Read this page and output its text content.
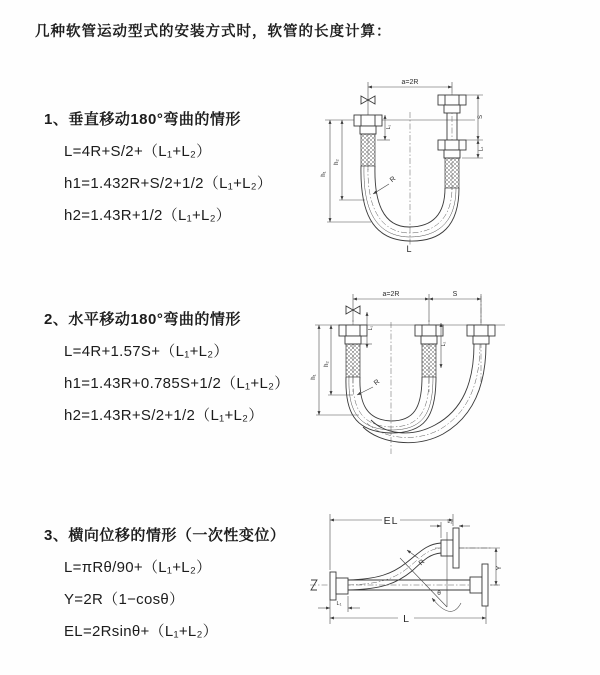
几种软管运动型式的安装方式时，软管的长度计算：
1、垂直移动180°弯曲的情形
L=4R+S/2+（L₁+L₂）
h1=1.432R+S/2+1/2（L₁+L₂）
h2=1.43R+1/2（L₁+L₂）
a=2R
h₁
h₂
L₁
S
L₂
R
L
2、水平移动180°弯曲的情形
L=4R+1.57S+（L₁+L₂）
h1=1.43R+0.785S+1/2（L₁+L₂）
h2=1.43R+S/2+1/2（L₁+L₂）
a=2R	S
h₁
h₂
L₁
L₂
R
3、横向位移的情形（一次性变位）
L=πRθ/90+（L₁+L₂）
Y=2R（1−cosθ）
EL=2Rsinθ+（L₁+L₂）
EL	L₂
θ
R
Y
L
L₁
